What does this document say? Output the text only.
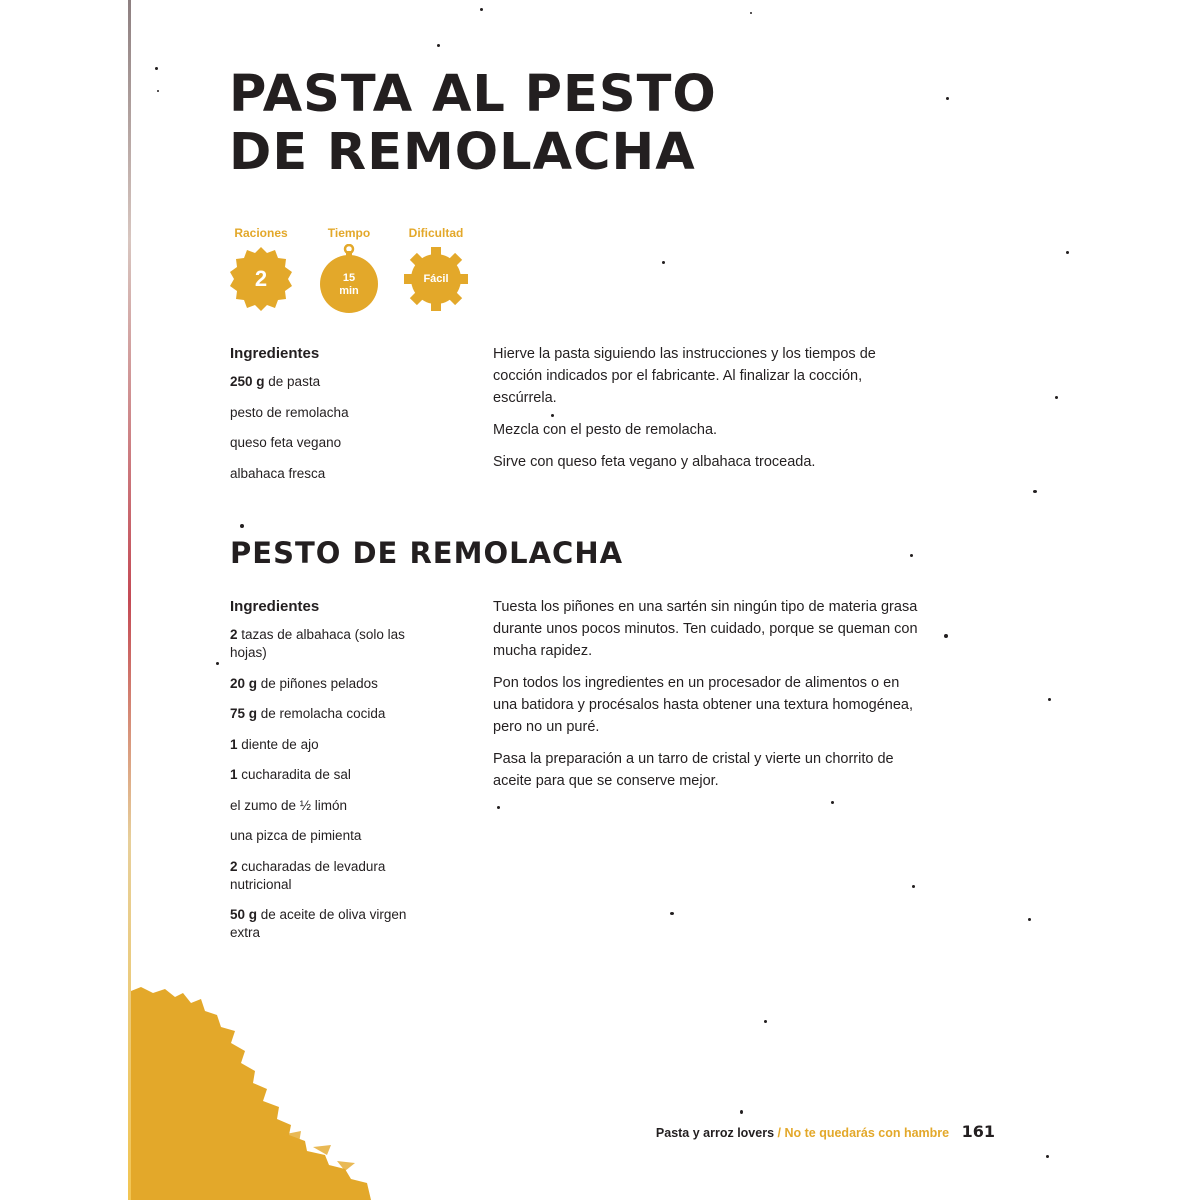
PASTA AL PESTO
DE REMOLACHA
Raciones
2
Tiempo
15
min
Dificultad
Fácil
Ingredientes
250 g de pasta
pesto de remolacha
queso feta vegano
albahaca fresca

Hierve la pasta siguiendo las instrucciones y los tiempos de cocción indicados por el fabricante. Al finalizar la cocción, escúrrela.

Mezcla con el pesto de remolacha.

Sirve con queso feta vegano y albahaca troceada.

PESTO DE REMOLACHA
Ingredientes
2 tazas de albahaca (solo las hojas)
20 g de piñones pelados
75 g de remolacha cocida
1 diente de ajo
1 cucharadita de sal
el zumo de ½ limón
una pizca de pimienta
2 cucharadas de levadura nutricional
50 g de aceite de oliva virgen extra

Tuesta los piñones en una sartén sin ningún tipo de materia grasa durante unos pocos minutos. Ten cuidado, porque se queman con mucha rapidez.

Pon todos los ingredientes en un procesador de alimentos o en una batidora y procésalos hasta obtener una textura homogénea, pero no un puré.

Pasa la preparación a un tarro de cristal y vierte un chorrito de aceite para que se conserve mejor.

Pasta y arroz lovers / No te quedarás con hambre 161
